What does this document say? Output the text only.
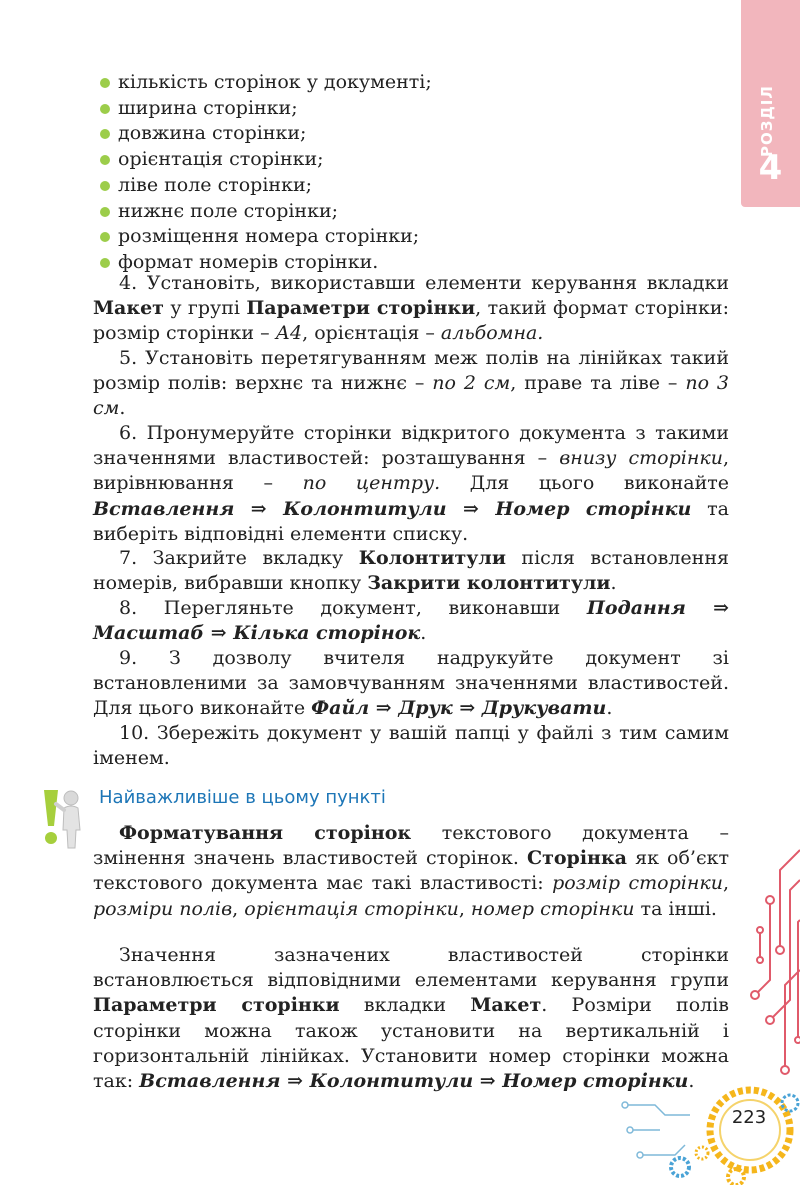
РОЗДІЛ
4
кількість сторінок у документі;
ширина сторінки;
довжина сторінки;
орієнтація сторінки;
ліве поле сторінки;
нижнє поле сторінки;
розміщення номера сторінки;
формат номерів сторінки.

4. Установіть, використавши елементи керування вкладки Макет у групі Параметри сторінки, такий формат сторінки: розмір сторінки – А4, орієнтація – альбомна.

5. Установіть перетягуванням меж полів на лінійках такий розмір полів: верхнє та нижнє – по 2 см, праве та ліве – по 3 см.

6. Пронумеруйте сторінки відкритого документа з такими значеннями властивостей: розташування – внизу сторінки, вирівнювання – по центру. Для цього виконайте Вставлення ⇒ Колонтитули ⇒ Номер сторінки та виберіть відповідні елементи списку.

7. Закрийте вкладку Колонтитули після встановлення номерів, вибравши кнопку Закрити колонтитули.

8. Перегляньте документ, виконавши Подання ⇒ Масштаб ⇒ Кілька сторінок.

9. З дозволу вчителя надрукуйте документ зі встановленими за замовчуванням значеннями властивостей. Для цього виконайте Файл ⇒ Друк ⇒ Друкувати.

10. Збережіть документ у вашій папці у файлі з тим самим іменем.

Найважливіше в цьому пункті

Форматування сторінок текстового документа – змінення значень властивостей сторінок. Сторінка як об’єкт текстового документа має такі властивості: розмір сторінки, розміри полів, орієнтація сторінки, номер сторінки та інші.

Значення зазначених властивостей сторінки встановлюється відповідними елементами керування групи Параметри сторінки вкладки Макет. Розміри полів сторінки можна також установити на вертикальній і горизонтальній лінійках. Установити номер сторінки можна так: Вставлення ⇒ Колонтитули ⇒ Номер сторінки.

223
